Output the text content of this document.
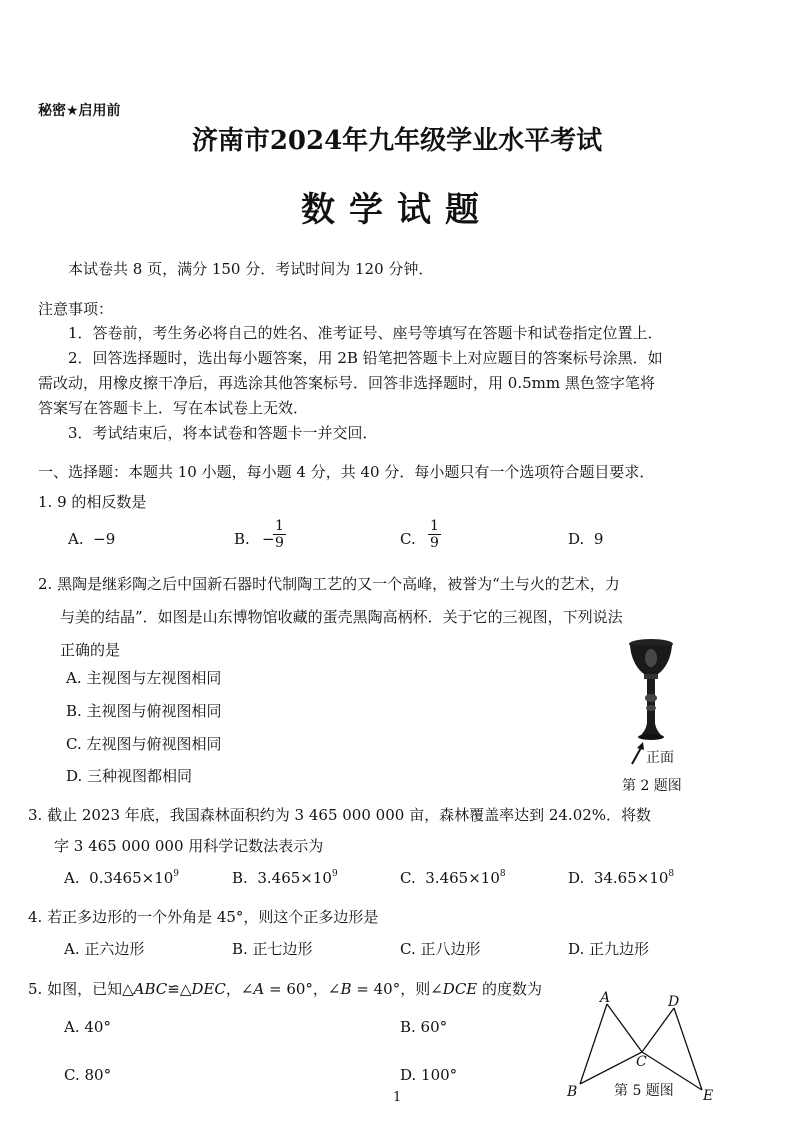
秘密★启用前
济南市2024年九年级学业水平考试
数学试题
本试卷共 8 页，满分 150 分．考试时间为 120 分钟．
注意事项：
1．答卷前，考生务必将自己的姓名、准考证号、座号等填写在答题卡和试卷指定位置上．
2．回答选择题时，选出每小题答案，用 2B 铅笔把答题卡上对应题目的答案标号涂黑．如
需改动，用橡皮擦干净后，再选涂其他答案标号．回答非选择题时，用 0.5mm 黑色签字笔将
答案写在答题卡上．写在本试卷上无效．
3．考试结束后，将本试卷和答题卡一并交回．
一、选择题：本题共 10 小题，每小题 4 分，共 40 分．每小题只有一个选项符合题目要求．
1. 9 的相反数是
A. −9	B. −
$\frac{1}{9}$	C. $\frac{1}{9}$	D. 9
2. 黑陶是继彩陶之后中国新石器时代制陶工艺的又一个高峰，被誉为“土与火的艺术，力
与美的结晶”．如图是山东博物馆收藏的蛋壳黑陶高柄杯．关于它的三视图，下列说法
正确的是
A. 主视图与左视图相同
B. 主视图与俯视图相同
C. 左视图与俯视图相同
D. 三种视图都相同
正面
第 2 题图
3. 截止 2023 年底，我国森林面积约为 3 465 000 000 亩，森林覆盖率达到 24.02%．将数
字 3 465 000 000 用科学记数法表示为
A. $0.3465\times 10^9$	B. $3.465\times 10^9$	C. $3.465\times 10^8$	D. $34.65\times 10^8$
4. 若正多边形的一个外角是 45°，则这个正多边形是
A. 正六边形	B. 正七边形	C. 正八边形	D. 正九边形
5. 如图，已知△ABC≌△DEC，∠A = 60°，∠B = 40°，则∠DCE 的度数为
A. 40°	B. 60°
C. 80°	D. 100°
A	D
C
B	E
第 5 题图
1
